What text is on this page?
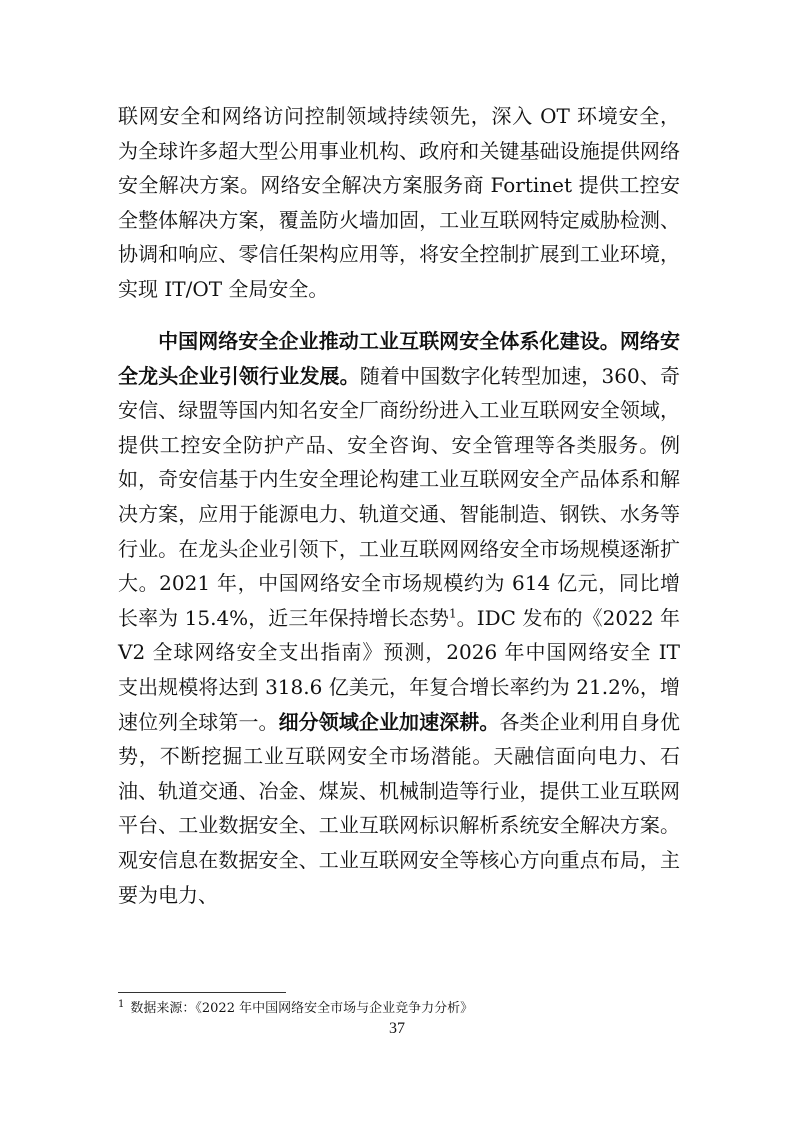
联网安全和网络访问控制领域持续领先，深入 OT 环境安全，为全球许多超大型公用事业机构、政府和关键基础设施提供网络安全解决方案。网络安全解决方案服务商 Fortinet 提供工控安全整体解决方案，覆盖防火墙加固，工业互联网特定威胁检测、协调和响应、零信任架构应用等，将安全控制扩展到工业环境，实现 IT/OT 全局安全。

中国网络安全企业推动工业互联网安全体系化建设。网络安全龙头企业引领行业发展。随着中国数字化转型加速，360、奇安信、绿盟等国内知名安全厂商纷纷进入工业互联网安全领域，提供工控安全防护产品、安全咨询、安全管理等各类服务。例如，奇安信基于内生安全理论构建工业互联网安全产品体系和解决方案，应用于能源电力、轨道交通、智能制造、钢铁、水务等行业。在龙头企业引领下，工业互联网网络安全市场规模逐渐扩大。2021 年，中国网络安全市场规模约为 614 亿元，同比增长率为 15.4%，近三年保持增长态势$^1$。IDC 发布的《2022 年 V2 全球网络安全支出指南》预测，2026 年中国网络安全 IT 支出规模将达到 318.6 亿美元，年复合增长率约为 21.2%，增速位列全球第一。细分领域企业加速深耕。各类企业利用自身优势，不断挖掘工业互联网安全市场潜能。天融信面向电力、石油、轨道交通、冶金、煤炭、机械制造等行业，提供工业互联网平台、工业数据安全、工业互联网标识解析系统安全解决方案。观安信息在数据安全、工业互联网安全等核心方向重点布局，主要为电力、

$^1$ 数据来源：《2022 年中国网络安全市场与企业竞争力分析》

37
